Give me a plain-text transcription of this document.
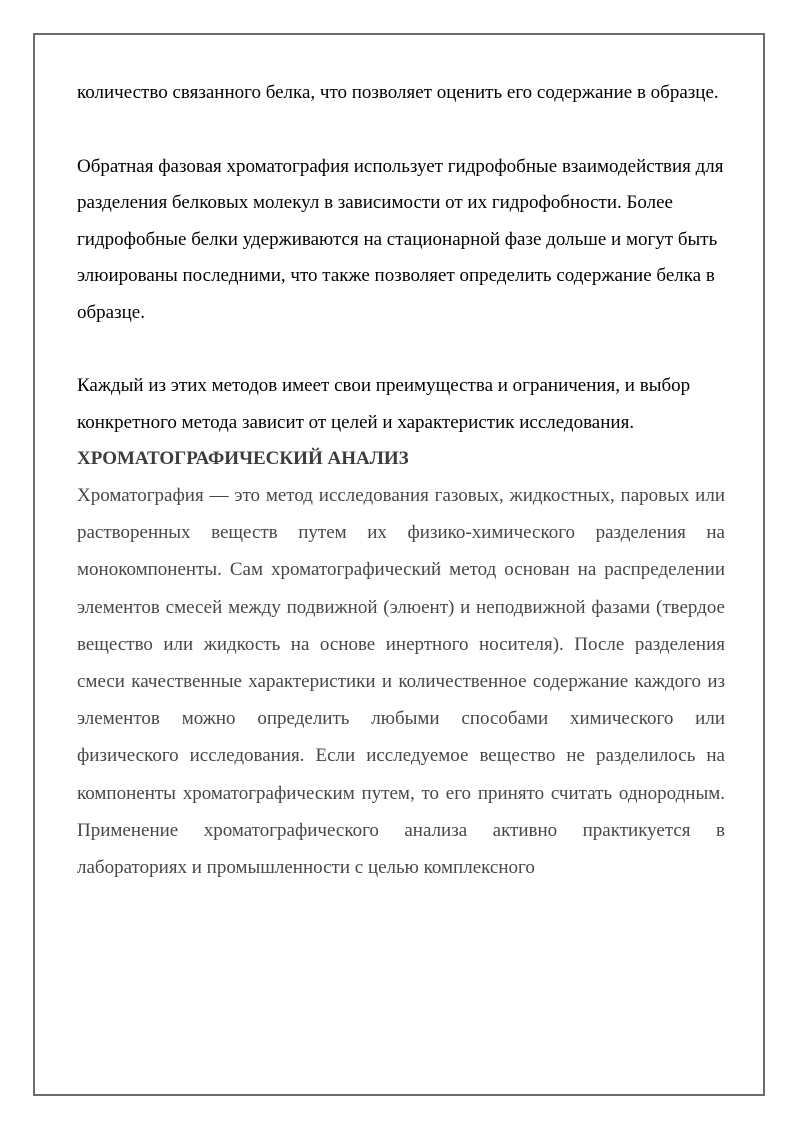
количество связанного белка, что позволяет оценить его содержание в образце.

Обратная фазовая хроматография использует гидрофобные взаимодействия для разделения белковых молекул в зависимости от их гидрофобности. Более гидрофобные белки удерживаются на стационарной фазе дольше и могут быть элюированы последними, что также позволяет определить содержание белка в образце.

Каждый из этих методов имеет свои преимущества и ограничения, и выбор конкретного метода зависит от целей и характеристик исследования.

ХРОМАТОГРАФИЧЕСКИЙ АНАЛИЗ

Хроматография — это метод исследования газовых, жидкостных, паровых или растворенных веществ путем их физико-химического разделения на монокомпоненты. Сам хроматографический метод основан на распределении элементов смесей между подвижной (элюент) и неподвижной фазами (твердое вещество или жидкость на основе инертного носителя). После разделения смеси качественные характеристики и количественное содержание каждого из элементов можно определить любыми способами химического или физического исследования. Если исследуемое вещество не разделилось на компоненты хроматографическим путем, то его принято считать однородным. Применение хроматографического анализа активно практикуется в лабораториях и промышленности с целью комплексного
